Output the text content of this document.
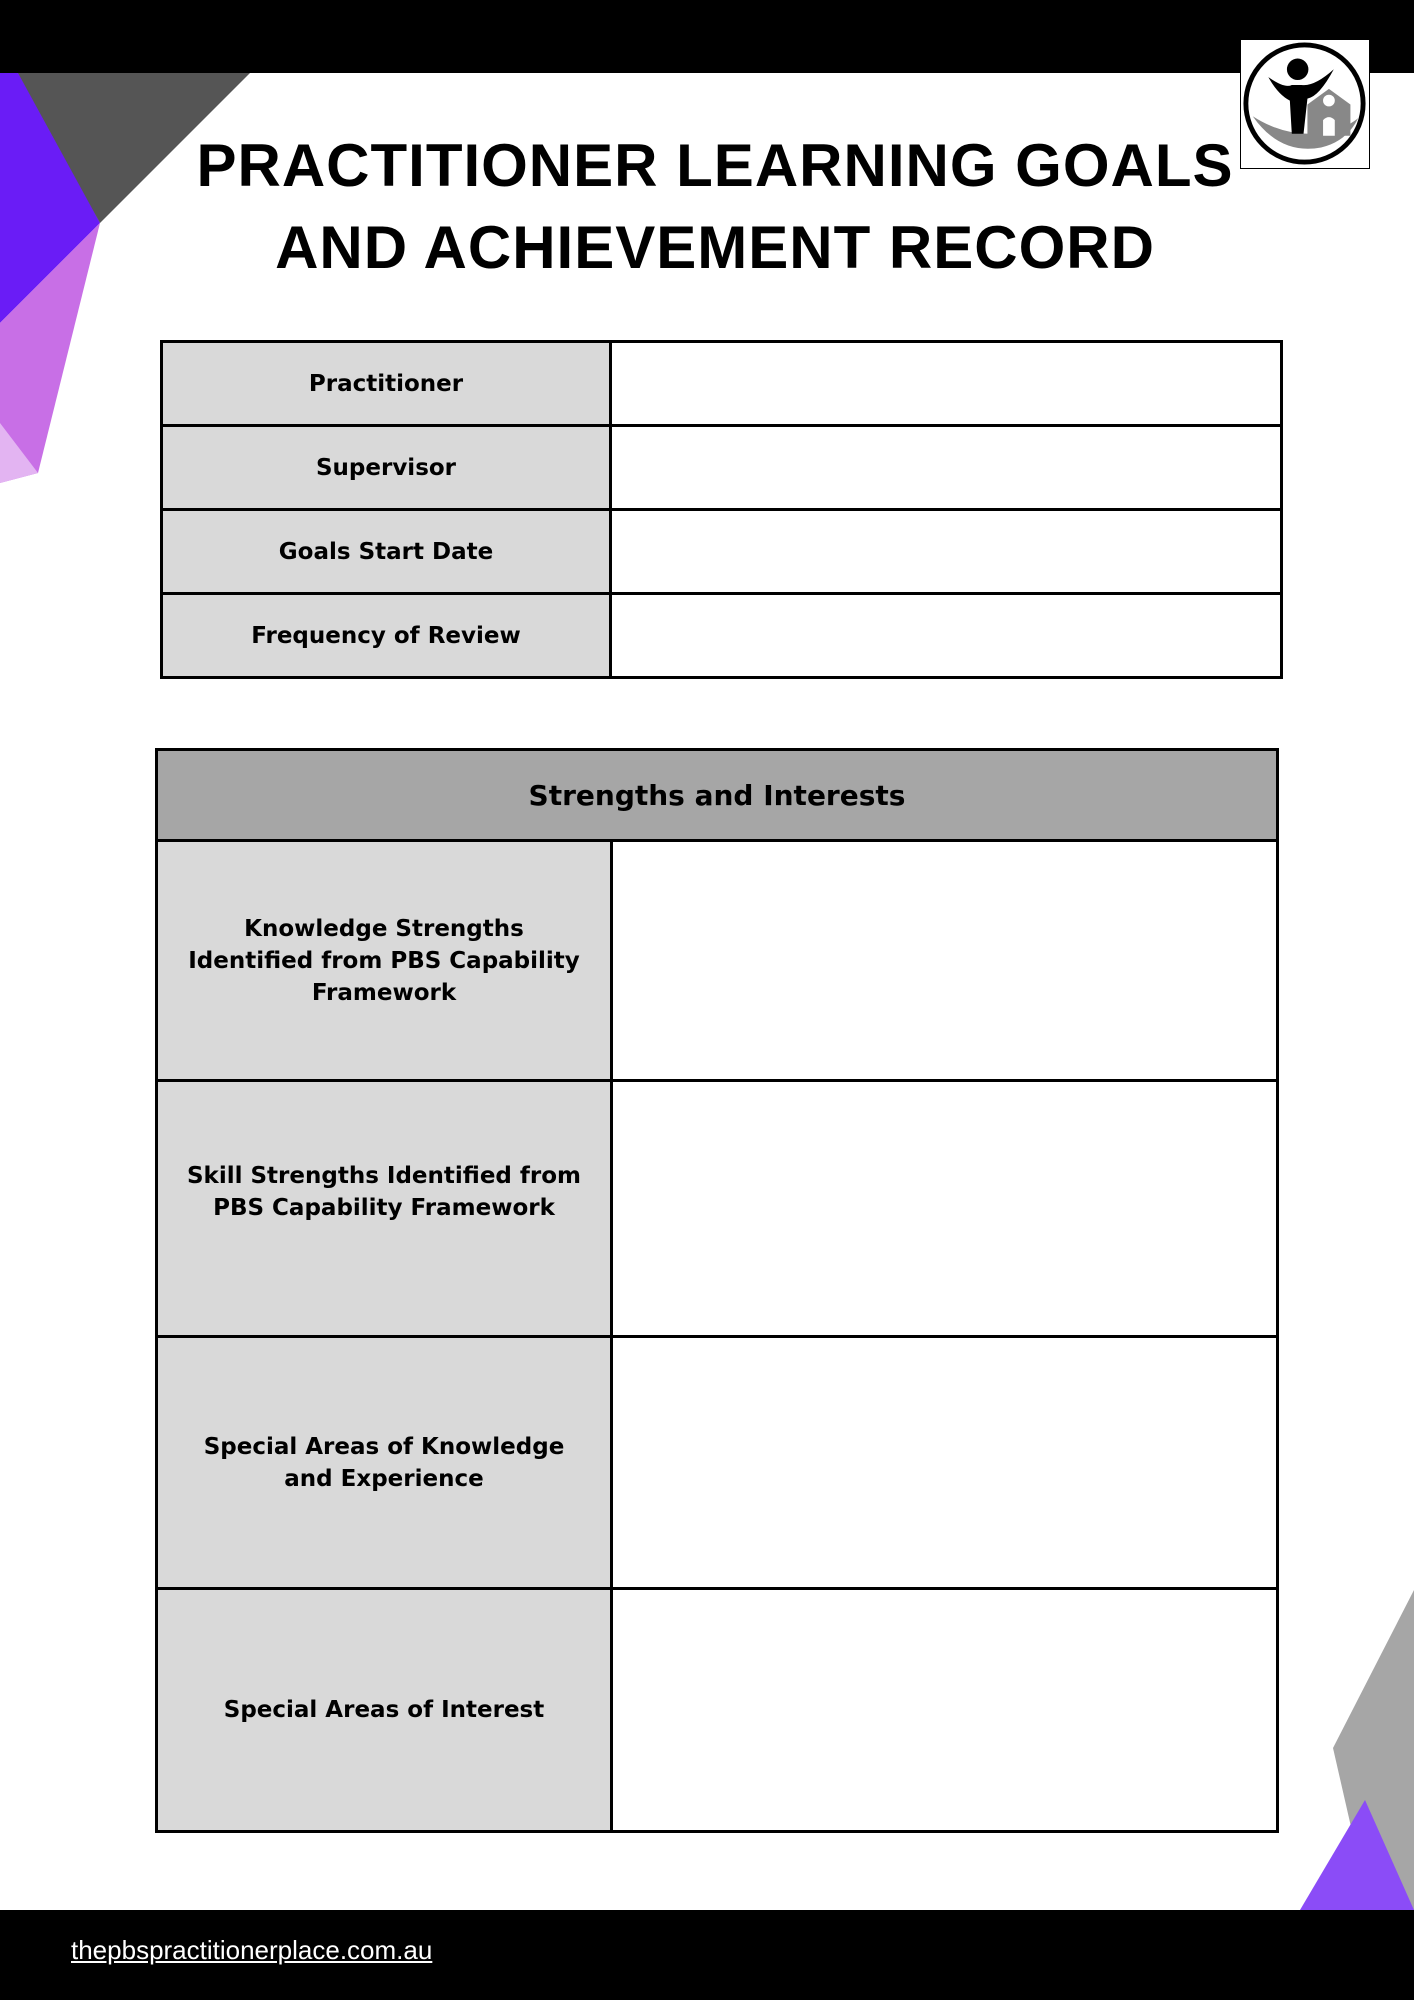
PRACTITIONER LEARNING GOALS
AND ACHIEVEMENT RECORD
Practitioner	
Supervisor	
Goals Start Date	
Frequency of Review	
Strengths and Interests	
Knowledge Strengths Identified from PBS Capability Framework	
Skill Strengths Identified from PBS Capability Framework	
Special Areas of Knowledge and Experience	
Special Areas of Interest	
thepbspractitionerplace.com.au
